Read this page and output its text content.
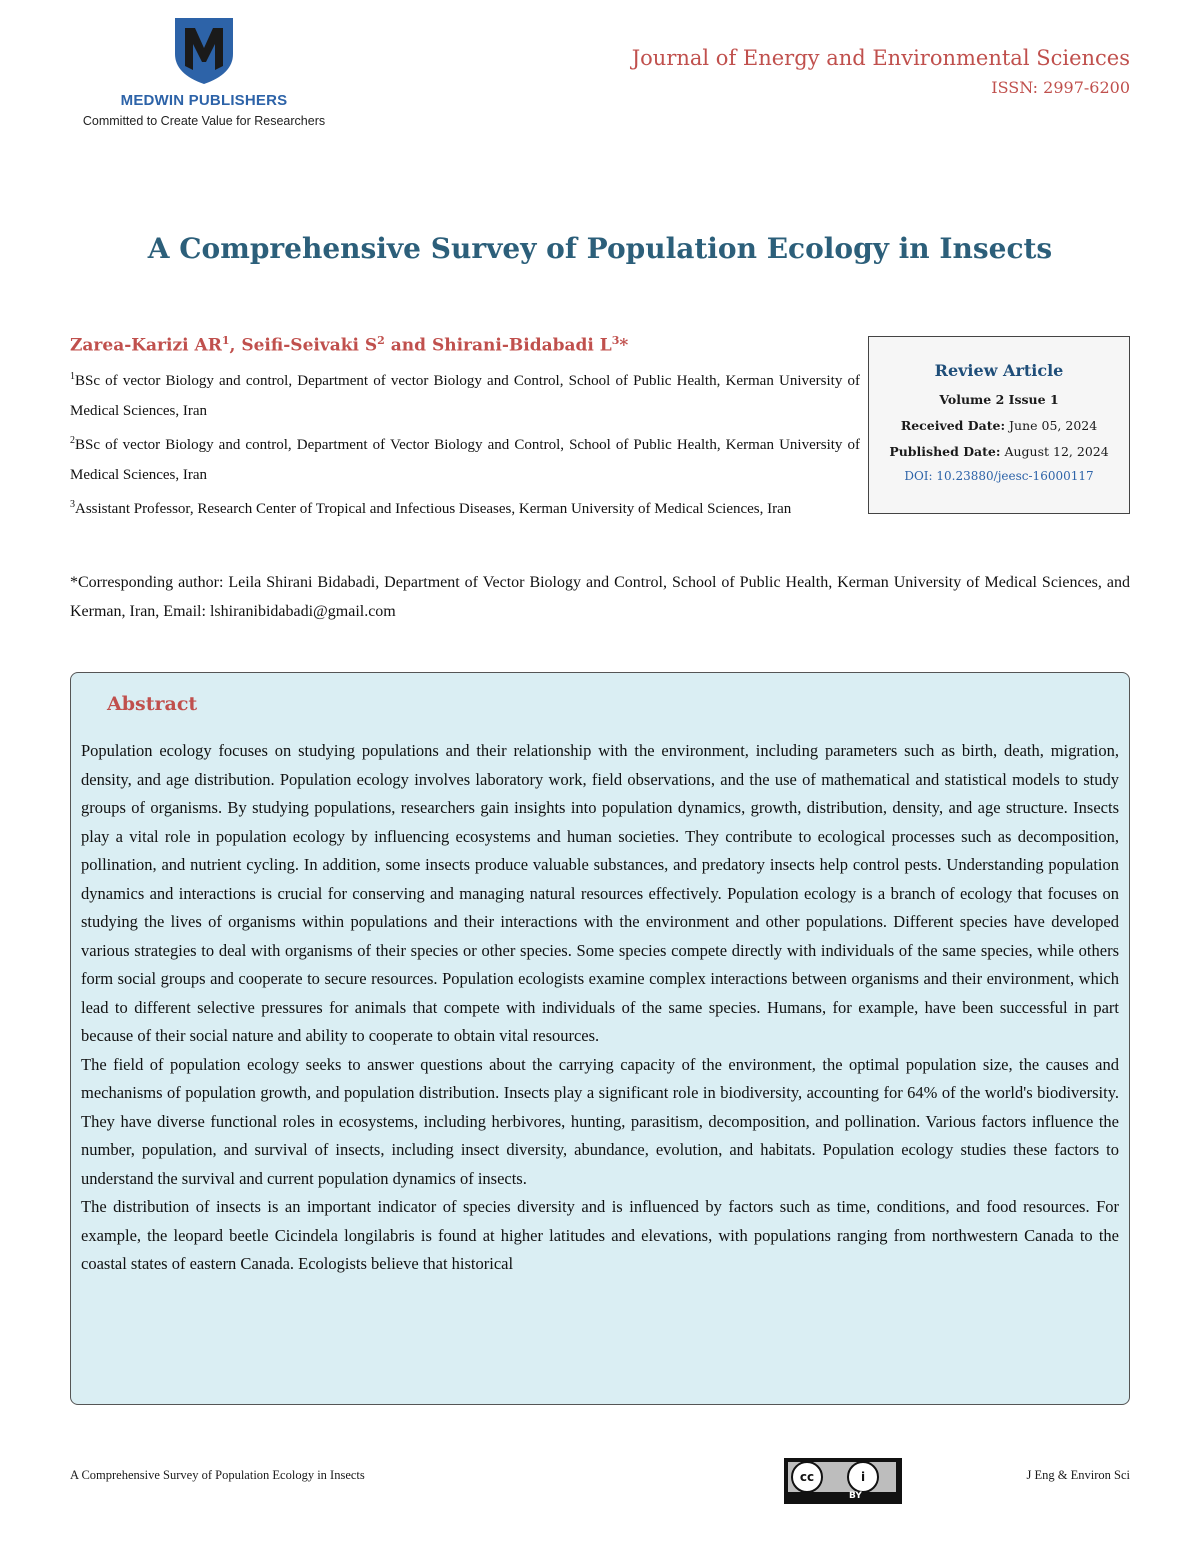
MEDWIN PUBLISHERS
Committed to Create Value for Researchers
Journal of Energy and Environmental Sciences
ISSN: 2997-6200
A Comprehensive Survey of Population Ecology in Insects
Zarea-Karizi $AR^1$, Seifi-Seivaki $S^2$ and Shirani-Bidabadi $L^3*$

$^1$BSc of vector Biology and control, Department of vector Biology and Control, School of Public Health, Kerman University of Medical Sciences, Iran

$^2$BSc of vector Biology and control, Department of Vector Biology and Control, School of Public Health, Kerman University of Medical Sciences, Iran

$^3$Assistant Professor, Research Center of Tropical and Infectious Diseases, Kerman University of Medical Sciences, Iran

Review Article
Volume 2 Issue 1
Received Date: June 05, 2024
Published Date: August 12, 2024
DOI: 10.23880/jeesc-16000117
*Corresponding author: Leila Shirani Bidabadi, Department of Vector Biology and Control, School of Public Health, Kerman University of Medical Sciences, and Kerman, Iran, Email: lshiranibidabadi@gmail.com
Abstract

Population ecology focuses on studying populations and their relationship with the environment, including parameters such as birth, death, migration, density, and age distribution. Population ecology involves laboratory work, field observations, and the use of mathematical and statistical models to study groups of organisms. By studying populations, researchers gain insights into population dynamics, growth, distribution, density, and age structure. Insects play a vital role in population ecology by influencing ecosystems and human societies. They contribute to ecological processes such as decomposition, pollination, and nutrient cycling. In addition, some insects produce valuable substances, and predatory insects help control pests. Understanding population dynamics and interactions is crucial for conserving and managing natural resources effectively. Population ecology is a branch of ecology that focuses on studying the lives of organisms within populations and their interactions with the environment and other populations. Different species have developed various strategies to deal with organisms of their species or other species. Some species compete directly with individuals of the same species, while others form social groups and cooperate to secure resources. Population ecologists examine complex interactions between organisms and their environment, which lead to different selective pressures for animals that compete with individuals of the same species. Humans, for example, have been successful in part because of their social nature and ability to cooperate to obtain vital resources.

The field of population ecology seeks to answer questions about the carrying capacity of the environment, the optimal population size, the causes and mechanisms of population growth, and population distribution. Insects play a significant role in biodiversity, accounting for 64% of the world's biodiversity. They have diverse functional roles in ecosystems, including herbivores, hunting, parasitism, decomposition, and pollination. Various factors influence the number, population, and survival of insects, including insect diversity, abundance, evolution, and habitats. Population ecology studies these factors to understand the survival and current population dynamics of insects.

The distribution of insects is an important indicator of species diversity and is influenced by factors such as time, conditions, and food resources. For example, the leopard beetle Cicindela longilabris is found at higher latitudes and elevations, with populations ranging from northwestern Canada to the coastal states of eastern Canada. Ecologists believe that historical

A Comprehensive Survey of Population Ecology in Insects	cc	i
BY
J Eng & Environ Sci
